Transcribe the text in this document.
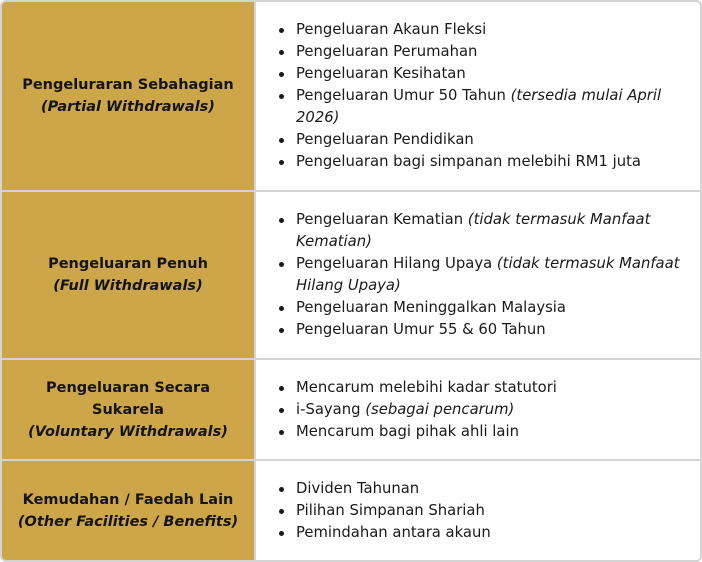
Pengeluraran Sebahagian
(Partial Withdrawals)
Pengeluaran Akaun Fleksi
Pengeluaran Perumahan
Pengeluaran Kesihatan
Pengeluaran Umur 50 Tahun (tersedia mulai April 2026)
Pengeluaran Pendidikan
Pengeluaran bagi simpanan melebihi RM1 juta
Pengeluaran Penuh
(Full Withdrawals)
Pengeluaran Kematian (tidak termasuk Manfaat Kematian)
Pengeluaran Hilang Upaya (tidak termasuk Manfaat Hilang Upaya)
Pengeluaran Meninggalkan Malaysia
Pengeluaran Umur 55 & 60 Tahun
Pengeluaran Secara Sukarela
(Voluntary Withdrawals)
Mencarum melebihi kadar statutori
i-Sayang (sebagai pencarum)
Mencarum bagi pihak ahli lain
Kemudahan / Faedah Lain
(Other Facilities / Benefits)
Dividen Tahunan
Pilihan Simpanan Shariah
Pemindahan antara akaun
